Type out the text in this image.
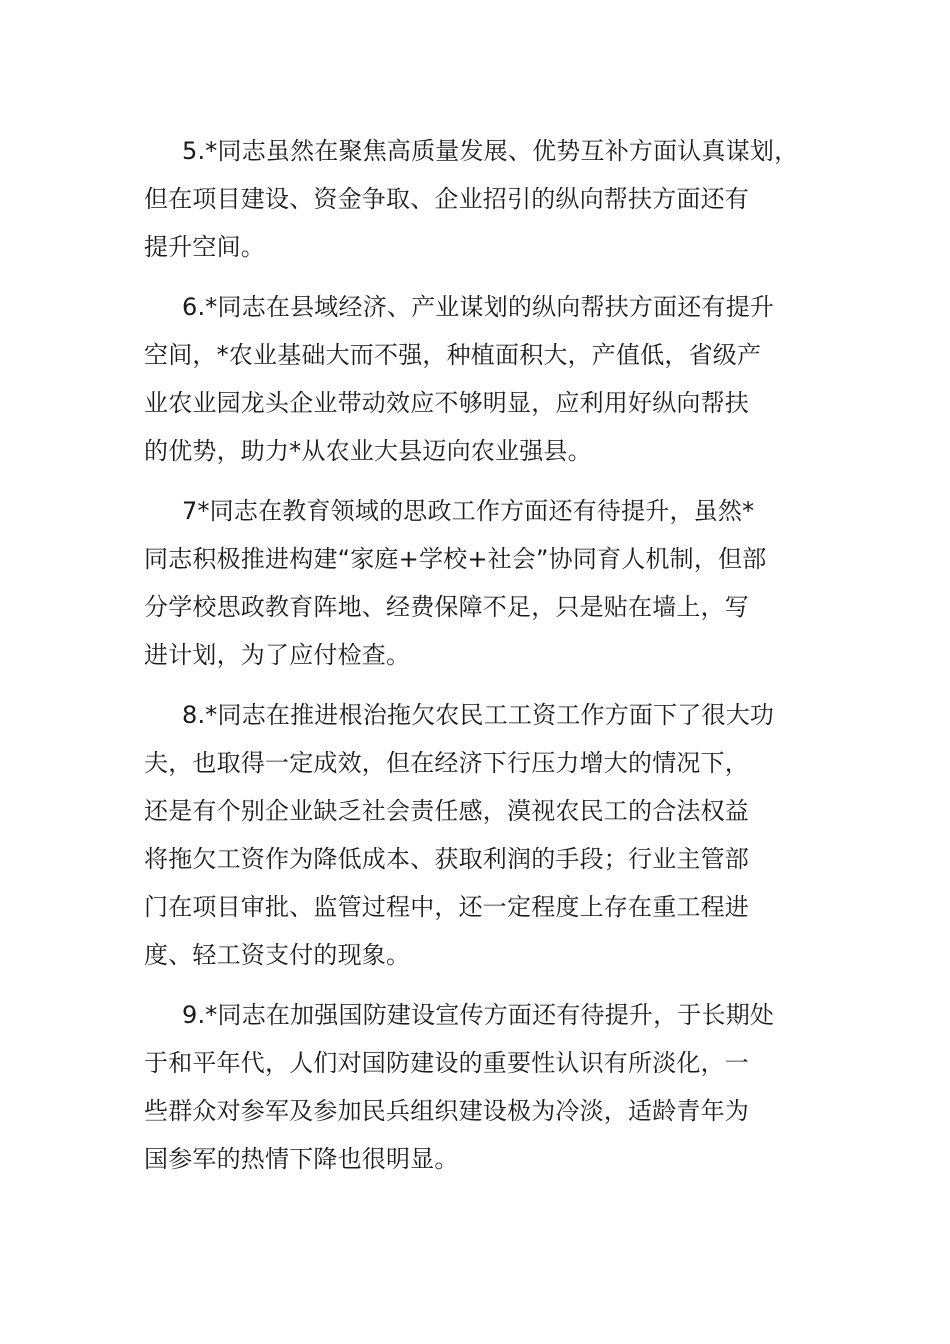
5.*同志虽然在聚焦高质量发展、优势互补方面认真谋划，
但在项目建设、资金争取、企业招引的纵向帮扶方面还有
提升空间。

6.*同志在县域经济、产业谋划的纵向帮扶方面还有提升
空间，*农业基础大而不强，种植面积大，产值低，省级产
业农业园龙头企业带动效应不够明显，应利用好纵向帮扶
的优势，助力*从农业大县迈向农业强县。

7*同志在教育领域的思政工作方面还有待提升，虽然*
同志积极推进构建“家庭+学校+社会”协同育人机制，但部
分学校思政教育阵地、经费保障不足，只是贴在墙上，写
进计划，为了应付检查。

8.*同志在推进根治拖欠农民工工资工作方面下了很大功
夫，也取得一定成效，但在经济下行压力增大的情况下，
还是有个别企业缺乏社会责任感，漠视农民工的合法权益
将拖欠工资作为降低成本、获取利润的手段；行业主管部
门在项目审批、监管过程中，还一定程度上存在重工程进
度、轻工资支付的现象。

9.*同志在加强国防建设宣传方面还有待提升，于长期处
于和平年代，人们对国防建设的重要性认识有所淡化，一
些群众对参军及参加民兵组织建设极为冷淡，适龄青年为
国参军的热情下降也很明显。
